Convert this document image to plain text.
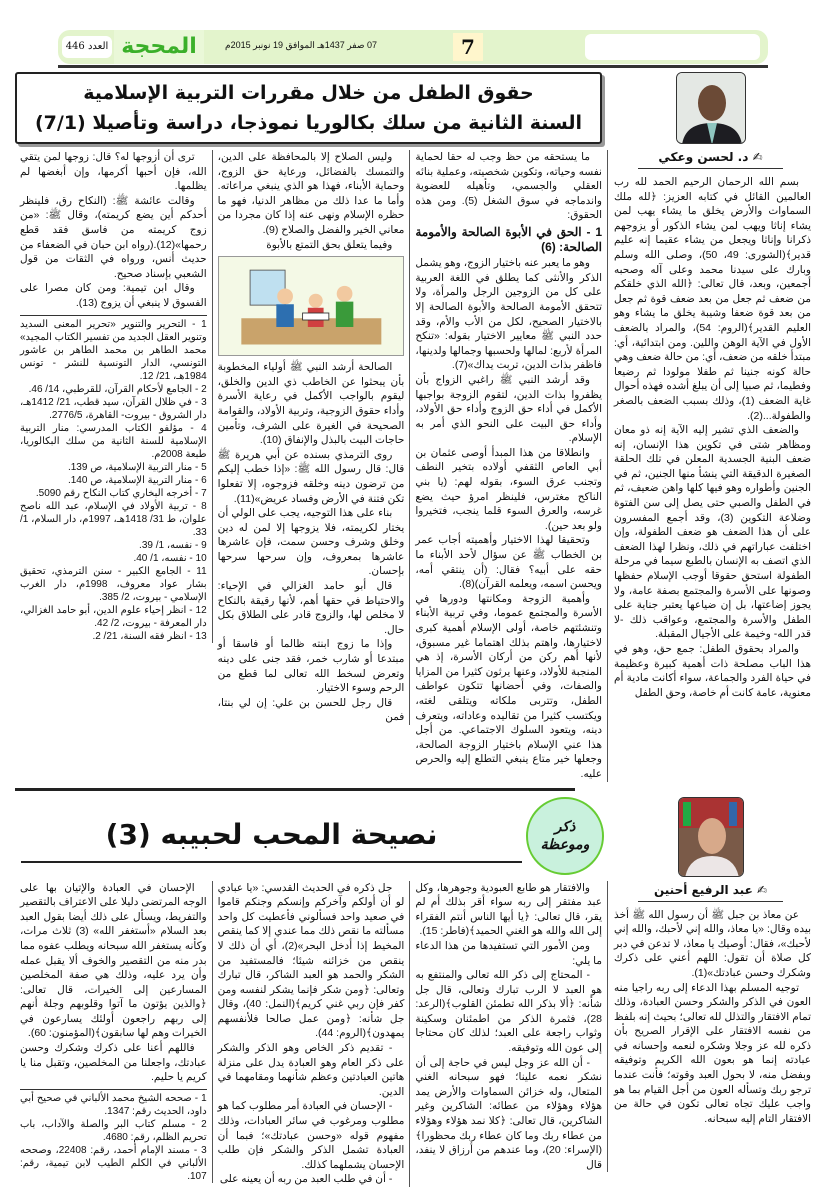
العدد 446 المحجة	07 صفر 1437هـ الموافق 19 نونبر 2015م	7
✍ د. لحسن وعكي

بسم الله الرحمان الرحيم الحمد لله رب العالمين القائل في كتابه العزيز: ﴿لله ملك السماوات والأرض يخلق ما يشاء يهب لمن يشاء إناثا ويهب لمن يشاء الذكور أو يزوجهم ذكرانا وإناثا ويجعل من يشاء عقيما إنه عليم قدير﴾(الشورى: 49، 50)، وصلى الله وسلم وبارك على سيدنا محمد وعلى آله وصحبه أجمعين، وبعد، قال تعالى: ﴿الله الذي خلقكم من ضعف ثم جعل من بعد ضعف قوة ثم جعل من بعد قوة ضعفا وشيبة يخلق ما يشاء وهو العليم القدير﴾(الروم: 54)، والمراد بالضعف الأول في الآية الوهن واللين. ومن ابتدائية، أي: مبتدأ خلقه من ضعف، أي: من حالة ضعف وهي حالة كونه جنينا ثم طفلا مولودا ثم رضيعا وفطيما، ثم صبيا إلى أن يبلغ أشده فهذه أحوال غاية الضعف (1)، وذلك بسبب الضعف بالصغر والطفولة...(2).

والضعف الذي تشير إليه الآية إنه ذو معان ومظاهر شتى في تكوين هذا الإنسان، إنه ضعف البنية الجسدية المعلن في تلك الحلقة الصغيرة الدقيقة التي ينشأ منها الجنين، ثم في الجنين وأطواره وهو فيها كلها واهن ضعيف، ثم في الطفل والصبي حتى يصل إلى سن الفتوة وضلاعة التكوين (3)، وقد أجمع المفسرون على أن هذا الضعف هو ضعف الطفولة، وإن اختلفت عباراتهم في ذلك، ونظرا لهذا الضعف الذي اتصف به الإنسان بالطبع سيما في مرحلة الطفولة استحق حقوقا أوجب الإسلام حفظها وصونها على الأسرة والمجتمع بصفة عامة، ولا يجوز إضاعتها، بل إن ضياعها يعتبر جناية على الطفل والأسرة والمجتمع، وعواقب ذلك -لا قدر الله- وخيمة على الأجيال المقبلة.

والمراد بحقوق الطفل: جمع حق، وهو في هذا الباب مصلحة ذات أهمية كبيرة وعظيمة في حياة الفرد والجماعة، سواء أكانت مادية أم معنوية، عامة كانت أم خاصة، وحق الطفل

حقوق الطفل من خلال مقررات التربية الإسلامية
السنة الثانية من سلك بكالوريا نموذجا، دراسة وتأصيلا (7/1)

ما يستحقه من حظ وجب له حقا لحماية نفسه وحياته، وتكوين شخصيته، وعملية بنائه العقلي والجسمي، وتأهيله للعضوية واندماجه في سوق الشغل (5). ومن هذه الحقوق:

1 - الحق في الأبوة الصالحة والأمومة الصالحة: (6)

وهو ما يعبر عنه باختيار الزوج، وهو يشمل الذكر والأنثى كما يطلق في اللغة العربية على كل من الزوجين الرجل والمرأة، ولا تتحقق الأمومة الصالحة والأبوة الصالحة إلا بالاختيار الصحيح، لكل من الأب والأم، وقد حدد النبي ﷺ معايير الاختيار بقوله: «تنكح المرأة لأربع: لمالها ولحسبها وجمالها ولدينها، فاظفر بذات الدين، تربت يداك»(7).

وقد أرشد النبي ﷺ راغبي الزواج بأن يظفروا بذات الدين، لتقوم الزوجة بواجبها الأكمل في أداء حق الزوج وأداء حق الأولاد، وأداء حق البيت على النحو الذي أمر به الإسلام.

وانطلاقا من هذا المبدأ أوصى عثمان بن أبي العاص الثقفي أولاده بتخير النطف وتجنب عرق السوء، بقوله لهم: (يا بني الناكح مغترس، فلينظر امرؤ حيث يضع غرسه، والعرق السوء قلما ينجب، فتخيروا ولو بعد حين).

وتحقيقا لهذا الاختيار وأهميته أجاب عمر بن الخطاب ﷺ عن سؤال لأحد الأبناء ما حقه على أبيه؟ فقال: (أن ينتقي أمه، ويحسن اسمه، ويعلمه القرآن)(8).

وأهمية الزوجة ومكانتها ودورها في الأسرة والمجتمع عموما، وفي تربية الأبناء وتنشئتهم خاصة، أولى الإسلام أهمية كبرى لاختيارها، واهتم بذلك اهتماما غير مسبوق، لأنها أهم ركن من أركان الأسرة، إذ هي المنجبة للأولاد، وعنها يرثون كثيرا من المزايا والصفات، وفي أحضانها تتكون عواطف الطفل، وتتربى ملكاته ويتلقى لغته، ويكتسب كثيرا من تقاليده وعاداته، ويتعرف دينه، ويتعود السلوك الاجتماعي. من أجل هذا عني الإسلام باختيار الزوجة الصالحة، وجعلها خير متاع ينبغي التطلع إليه والحرص عليه.

وليس الصلاح إلا بالمحافظة على الدين، والتمسك بالفضائل، ورعاية حق الزوج، وحماية الأبناء، فهذا هو الذي ينبغي مراعاته. وأما ما عدا ذلك من مظاهر الدنيا، فهو ما حظره الإسلام ونهى عنه إذا كان مجردا من معاني الخير والفضل والصلاح (9).

وفيما يتعلق بحق التمتع بالأبوة

الصالحة أرشد النبي ﷺ أولياء المخطوبة بأن يبحثوا عن الخاطب ذي الدين والخلق، ليقوم بالواجب الأكمل في رعاية الأسرة وأداء حقوق الزوجية، وتربية الأولاد، والقوامة الصحيحة في الغيرة على الشرف، وتأمين حاجات البيت بالبذل والإنفاق (10).

روى الترمذي بسنده عن أبي هريرة ﷺ قال: قال رسول الله ﷺ: «إذا خطب إليكم من ترضون دينه وخلقه فزوجوه، إلا تفعلوا تكن فتنة في الأرض وفساد عريض»(11).

بناء على هذا التوجيه، يجب على الولي أن يختار لكريمته، فلا يزوجها إلا لمن له دين وخلق وشرف وحسن سمت، فإن عاشرها عاشرها بمعروف، وإن سرحها سرحها بإحسان.

قال أبو حامد الغزالي في الإحياء: والاحتياط في حقها أهم، لأنها رقيقة بالنكاح لا مخلص لها، والزوج قادر على الطلاق بكل حال.

وإذا ما زوج ابنته ظالما أو فاسقا أو مبتدعا أو شارب خمر، فقد جنى على دينه وتعرض لسخط الله تعالى لما قطع من الرحم وسوء الاختيار.

قال رجل للحسن بن علي: إن لي بنتا، فمن

ترى أن أزوجها له؟ قال: زوجها لمن يتقي الله، فإن أحبها أكرمها، وإن أبغضها لم يظلمها.

وقالت عائشة ﷺ: (النكاح رق، فلينظر أحدكم أين يضع كريمته)، وقال ﷺ: «من زوج كريمته من فاسق فقد قطع رحمها»(12).(رواه ابن حبان في الضعفاء من حديث أنس، ورواه في الثقات من قول الشعبي بإسناد صحيح.

وقال ابن تيمية: ومن كان مصرا على الفسوق لا ينبغي أن يزوج (13).

1 - التحرير والتنوير «تحرير المعنى السديد وتنوير العقل الجديد من تفسير الكتاب المجيد» محمد الطاهر بن محمد الطاهر بن عاشور التونسي، الدار التونسية للنشر - تونس 1984هـ، 21/ 12.

2 - الجامع لأحكام القرآن، للقرطبي، 14/ 46.

3 - في ظلال القرآن، سيد قطب، 21/ 1412هـ، دار الشروق - بيروت- القاهرة، 2776/5.

4 - مؤلفو الكتاب المدرسي: منار التربية الإسلامية للسنة الثانية من سلك البكالوريا، طبعة 2008م.

5 - منار التربية الإسلامية، ص 139.

6 - منار التربية الإسلامية، ص 140.

7 - أخرجه البخاري كتاب النكاح رقم 5090.

8 - تربية الأولاد في الإسلام، عبد الله ناصح علوان، ط 31/ 1418هـ، 1997م، دار السلام، 1/ 33.

9 - نفسه، 1/ 39.

10 - نفسه، 1/ 40.

11 - الجامع الكبير - سنن الترمذي، تحقيق بشار عواد معروف، 1998م، دار الغرب الإسلامي - بيروت، 2/ 385.

12 - انظر إحياء علوم الدين، أبو حامد الغزالي، دار المعرفة - بيروت، 2/ 42.

13 - انظر فقه السنة، 21/ 2.

✍ عبد الرفيع أحنين

عن معاذ بن جبل ﷺ أن رسول الله ﷺ أخذ بيده وقال: «يا معاذ، والله إني لأحبك، والله إني لأحبك»، فقال: أوصيك يا معاذ، لا تدعن في دبر كل صلاة أن تقول: اللهم أعني على ذكرك وشكرك وحسن عبادتك»(1).

توجيه المسلم بهذا الدعاء إلى ربه راجيا منه العون في الذكر والشكر وحسن العبادة، وذلك تمام الافتقار والتذلل لله تعالى؛ بحيث إنه بلفظ من نفسه الافتقار على الإقرار الصريح بأن ذكره لله عز وجلا وشكره لنعمه وإحسانه في عبادته إنما هو بعون الله الكريم وتوفيقه وبفضل منه، لا بحول العبد وقوته؛ فأنت عندما ترجو ربك وتسأله العون من أجل القيام بما هو واجب عليك تجاه تعالى تكون في حالة من الافتقار التام إليه سبحانه.

ذكر وموعظة
نصيحة المحب لحبيبه (3)

والافتقار هو طابع العبودية وجوهرها، وكل عبد مفتقر إلى ربه سواء أقر بذلك أم لم يقر، قال تعالى: ﴿يا أيها الناس أنتم الفقراء إلى الله والله هو الغني الحميد﴾(فاطر: 15).

ومن الأمور التي تستفيدها من هذا الدعاء ما يلي:

- المحتاج إلى ذكر الله تعالى والمنتفع به هو العبد لا الرب تبارك وتعالى، قال جل شأنه: ﴿ألا بذكر الله تطمئن القلوب﴾(الرعد: 28)، فثمرة الذكر من اطمئنان وسكينة وثواب راجعة على العبد؛ لذلك كان محتاجا إلى عون الله وتوفيقه.

- أن الله عز وجل ليس في حاجة إلى أن نشكر نعمه علينا؛ فهو سبحانه الغني المتعال، وله خزائن السماوات والأرض يمد هؤلاء وهؤلاء من عطائه: الشاكرين وغير الشاكرين، قال تعالى: ﴿كلا نمد هؤلاء وهؤلاء من عطاء ربك وما كان عطاء ربك محظورا﴾(الإسراء: 20)، وما عندهم من أرزاق لا ينفد، قال

جل ذكره في الحديث القدسي: «يا عبادي لو أن أولكم وآخركم وإنسكم وجنكم قاموا في صعيد واحد فسألوني فأعطيت كل واحد مسألته ما نقص ذلك مما عندي إلا كما ينقص المخيط إذا أدخل البحر»(2)، أي أن ذلك لا ينقص من خزائنه شيئا؛ فالمستفيد من الشكر والحمد هو العبد الشاكر، قال تبارك وتعالى: ﴿ومن شكر فإنما يشكر لنفسه ومن كفر فإن ربي غني كريم﴾(النمل: 40)، وقال جل شأنه: ﴿ومن عمل صالحا فلأنفسهم يمهدون﴾(الروم: 44).

- تقديم ذكر الخاص وهو الذكر والشكر على ذكر العام وهو العبادة يدل على منزلة هاتين العبادتين وعظم شأنهما ومقامهما في الدين.

- الإحسان في العبادة أمر مطلوب كما هو مطلوب ومرغوب في سائر العبادات، وذلك مفهوم قوله «وحسن عبادتك»؛ فبما أن العبادة تشمل الذكر والشكر فإن طلب الإحسان يشملهما كذلك.

- أن في طلب العبد من ربه أن يعينه على

الإحسان في العبادة والإتيان بها على الوجه المرتضى دليلا على الاعتراف بالتقصير والتفريط، ويسأل على ذلك أيضا بقول العبد بعد السلام «أستغفر الله» (3) ثلاث مرات، وكأنه يستغفر الله سبحانه ويطلب عفوه مما بدر منه من التقصير والخوف ألا يقبل عمله وأن يرد عليه، وذلك هي صفة المخلصين المسارعين إلى الخيرات، قال تعالى: ﴿والذين يؤتون ما آتوا وقلوبهم وجلة أنهم إلى ربهم راجعون أولئك يسارعون في الخيرات وهم لها سابقون﴾(المؤمنون: 60).

فاللهم أعنا على ذكرك وشكرك وحسن عبادتك، واجعلنا من المخلصين، وتقبل منا يا كريم يا حليم.

1 - صححه الشيخ محمد الألباني في صحيح أبي داود، الحديث رقم: 1347.

2 - مسلم كتاب البر والصلة والآداب، باب تحريم الظلم، رقم: 4680.

3 - مسند الإمام أحمد، رقم: 22408، وصححه الألباني في الكلم الطيب لابن تيمية، رقم: 107.
